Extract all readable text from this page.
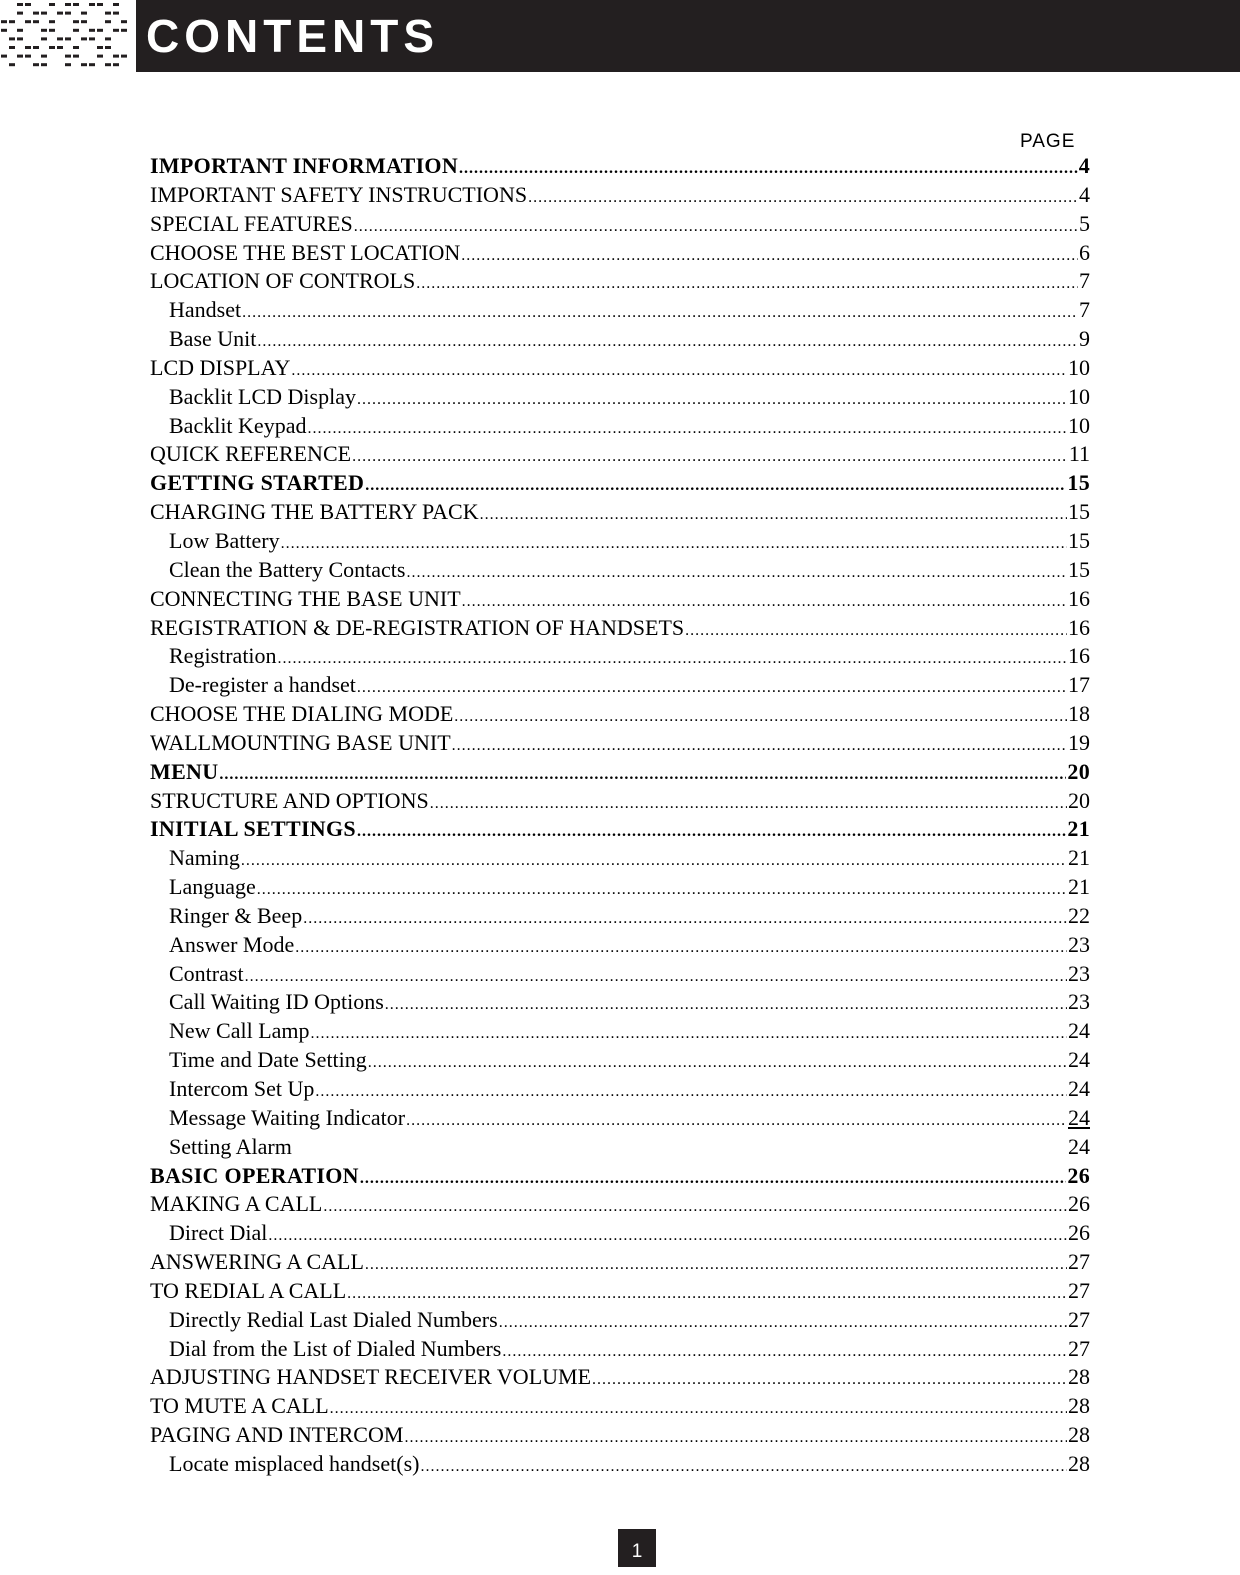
CONTENTS
PAGE
IMPORTANT INFORMATION .....	4
IMPORTANT SAFETY INSTRUCTIONS .....	4
SPECIAL FEATURES .....	5
CHOOSE THE BEST LOCATION .....	6
LOCATION OF CONTROLS .....	7
Handset .....	7
Base Unit .....	9
LCD DISPLAY .....	10
Backlit LCD Display .....	10
Backlit Keypad .....	10
QUICK REFERENCE .....	11
GETTING STARTED .....	15
CHARGING THE BATTERY PACK .....	15
Low Battery .....	15
Clean the Battery Contacts .....	15
CONNECTING THE BASE UNIT .....	16
REGISTRATION & DE-REGISTRATION OF HANDSETS .....	16
Registration .....	16
De-register a handset .....	17
CHOOSE THE DIALING MODE .....	18
WALLMOUNTING BASE UNIT .....	19
MENU .....	20
STRUCTURE AND OPTIONS .....	20
INITIAL SETTINGS .....	21
Naming .....	21
Language .....	21
Ringer & Beep .....	22
Answer Mode .....	23
Contrast .....	23
Call Waiting ID Options .....	23
New Call Lamp .....	24
Time and Date Setting .....	24
Intercom Set Up .....	24
Message Waiting Indicator .....	24
Setting Alarm	24
BASIC OPERATION .....	26
MAKING A CALL .....	26
Direct Dial .....	26
ANSWERING A CALL .....	27
TO REDIAL A CALL .....	27
Directly Redial Last Dialed Numbers .....	27
Dial from the List of Dialed Numbers .....	27
ADJUSTING HANDSET RECEIVER VOLUME .....	28
TO MUTE A CALL .....	28
PAGING AND INTERCOM .....	28
Locate misplaced handset(s) .....	28
1
